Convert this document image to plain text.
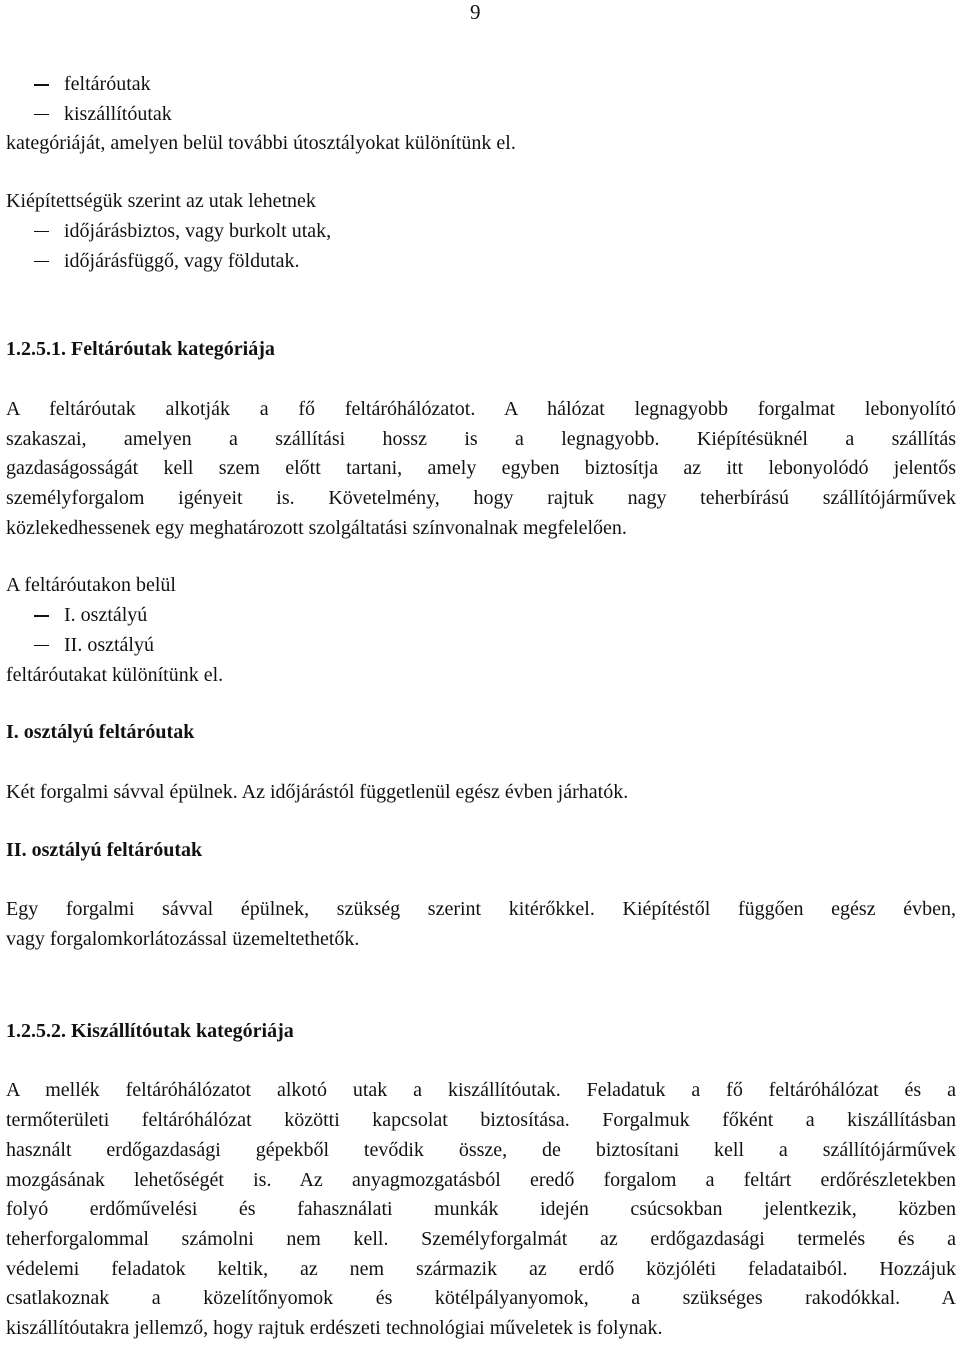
9
feltáróutak
kiszállítóutak
kategóriáját, amelyen belül további útosztályokat különítünk el.
Kiépítettségük szerint az utak lehetnek
időjárásbiztos, vagy burkolt utak,
időjárásfüggő, vagy földutak.
1.2.5.1. Feltáróutak kategóriája

A feltáróutak alkotják a fő feltáróhálózatot. A hálózat legnagyobb forgalmat lebonyolító

szakaszai, amelyen a szállítási hossz is a legnagyobb. Kiépítésüknél a szállítás

gazdaságosságát kell szem előtt tartani, amely egyben biztosítja az itt lebonyolódó jelentős

személyforgalom igényeit is. Követelmény, hogy rajtuk nagy teherbírású szállítójárművek

közlekedhessenek egy meghatározott szolgáltatási színvonalnak megfelelően.

A feltáróutakon belül
I. osztályú
II. osztályú
feltáróutakat különítünk el.
I. osztályú feltáróutak
Két forgalmi sávval épülnek. Az időjárástól függetlenül egész évben járhatók.
II. osztályú feltáróutak

Egy forgalmi sávval épülnek, szükség szerint kitérőkkel. Kiépítéstől függően egész évben,

vagy forgalomkorlátozással üzemeltethetők.

1.2.5.2. Kiszállítóutak kategóriája

A mellék feltáróhálózatot alkotó utak a kiszállítóutak. Feladatuk a fő feltáróhálózat és a

termőterületi feltáróhálózat közötti kapcsolat biztosítása. Forgalmuk főként a kiszállításban

használt erdőgazdasági gépekből tevődik össze, de biztosítani kell a szállítójárművek

mozgásának lehetőségét is. Az anyagmozgatásból eredő forgalom a feltárt erdőrészletekben

folyó erdőművelési és fahasználati munkák idején csúcsokban jelentkezik, közben

teherforgalommal számolni nem kell. Személyforgalmát az erdőgazdasági termelés és a

védelemi feladatok keltik, az nem származik az erdő közjóléti feladataiból. Hozzájuk

csatlakoznak a közelítőnyomok és kötélpályanyomok, a szükséges rakodókkal. A

kiszállítóutakra jellemző, hogy rajtuk erdészeti technológiai műveletek is folynak.
